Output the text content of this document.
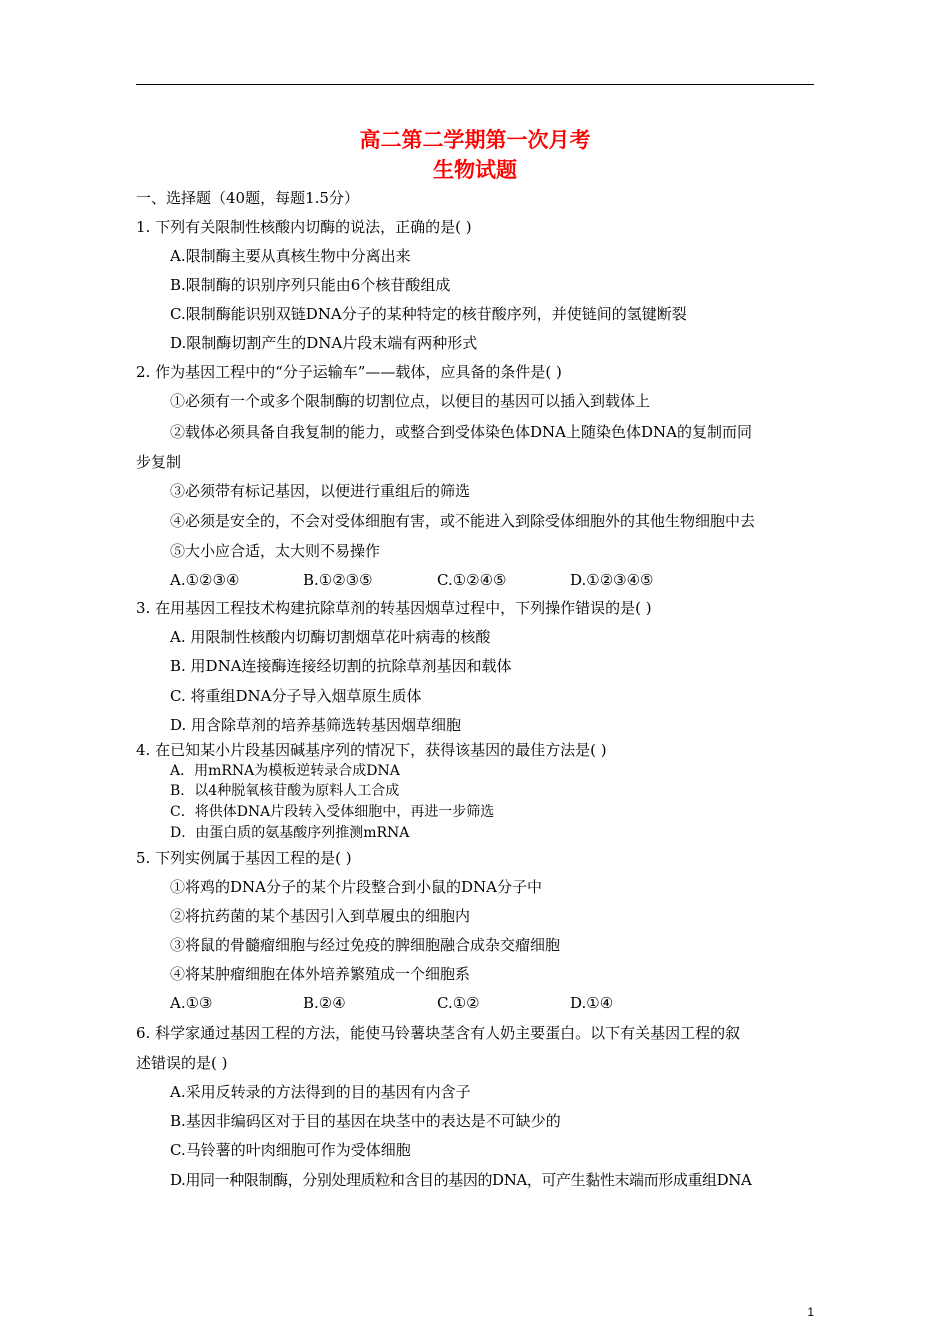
高二第二学期第一次月考
生物试题
一、选择题（40题，每题1.5分）
1. 下列有关限制性核酸内切酶的说法，正确的是( )
A.限制酶主要从真核生物中分离出来
B.限制酶的识别序列只能由6个核苷酸组成
C.限制酶能识别双链DNA分子的某种特定的核苷酸序列，并使链间的氢键断裂
D.限制酶切割产生的DNA片段末端有两种形式
2. 作为基因工程中的“分子运输车”——载体，应具备的条件是( )
①必须有一个或多个限制酶的切割位点，以便目的基因可以插入到载体上
②载体必须具备自我复制的能力，或整合到受体染色体DNA上随染色体DNA的复制而同
步复制
③必须带有标记基因，以便进行重组后的筛选
④必须是安全的，不会对受体细胞有害，或不能进入到除受体细胞外的其他生物细胞中去
⑤大小应合适，太大则不易操作
A.①②③④	B.①②③⑤	C.①②④⑤	D.①②③④⑤
3. 在用基因工程技术构建抗除草剂的转基因烟草过程中，下列操作错误的是( )
A. 用限制性核酸内切酶切割烟草花叶病毒的核酸
B. 用DNA连接酶连接经切割的抗除草剂基因和载体
C. 将重组DNA分子导入烟草原生质体
D. 用含除草剂的培养基筛选转基因烟草细胞
4. 在已知某小片段基因碱基序列的情况下，获得该基因的最佳方法是( )
A．用mRNA为模板逆转录合成DNA
B．以4种脱氧核苷酸为原料人工合成
C．将供体DNA片段转入受体细胞中，再进一步筛选
D．由蛋白质的氨基酸序列推测mRNA
5. 下列实例属于基因工程的是( )
①将鸡的DNA分子的某个片段整合到小鼠的DNA分子中
②将抗药菌的某个基因引入到草履虫的细胞内
③将鼠的骨髓瘤细胞与经过免疫的脾细胞融合成杂交瘤细胞
④将某肿瘤细胞在体外培养繁殖成一个细胞系
A.①③	B.②④	C.①②	D.①④
6. 科学家通过基因工程的方法，能使马铃薯块茎含有人奶主要蛋白。以下有关基因工程的叙
述错误的是( )
A.采用反转录的方法得到的目的基因有内含子
B.基因非编码区对于目的基因在块茎中的表达是不可缺少的
C.马铃薯的叶肉细胞可作为受体细胞
D.用同一种限制酶，分别处理质粒和含目的基因的DNA，可产生黏性末端而形成重组DNA
1
